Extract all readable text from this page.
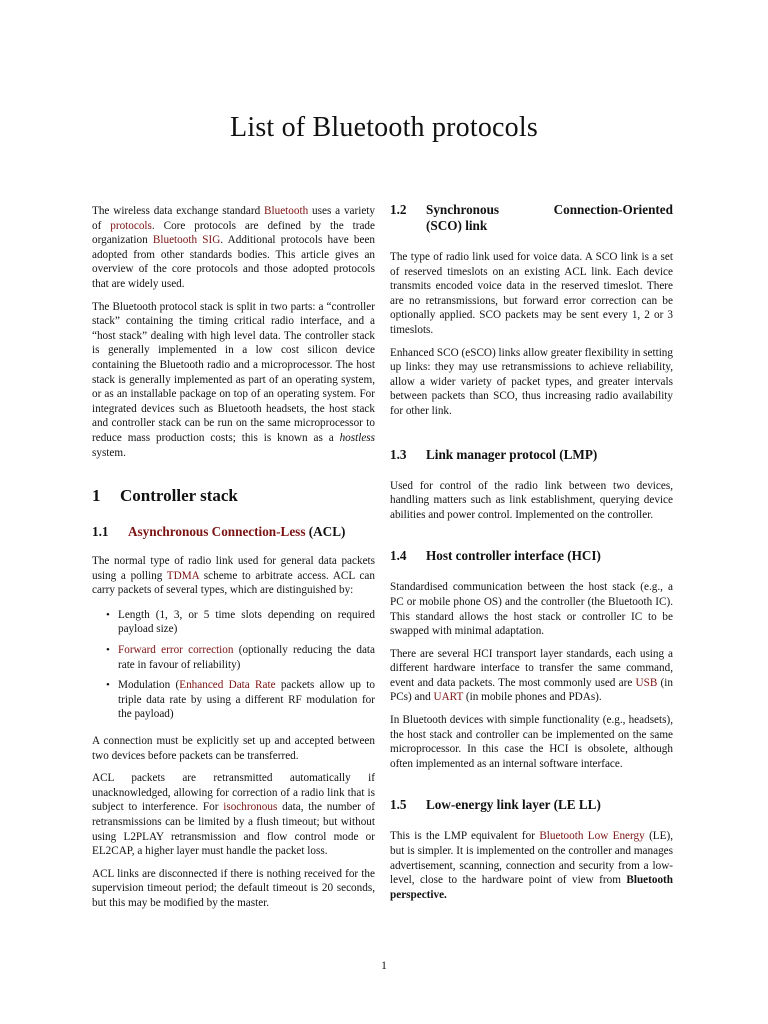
List of Bluetooth protocols

The wireless data exchange standard Bluetooth uses a variety of protocols. Core protocols are defined by the trade organization Bluetooth SIG. Additional protocols have been adopted from other standards bodies. This article gives an overview of the core protocols and those adopted protocols that are widely used.

The Bluetooth protocol stack is split in two parts: a “controller stack” containing the timing critical radio interface, and a “host stack” dealing with high level data. The controller stack is generally implemented in a low cost silicon device containing the Bluetooth radio and a microprocessor. The host stack is generally implemented as part of an operating system, or as an installable package on top of an operating system. For integrated devices such as Bluetooth headsets, the host stack and controller stack can be run on the same microprocessor to reduce mass production costs; this is known as a hostless system.

1 Controller stack
1.1 Asynchronous Connection-Less (ACL)

The normal type of radio link used for general data packets using a polling TDMA scheme to arbitrate access. ACL can carry packets of several types, which are distinguished by:

• Length (1, 3, or 5 time slots depending on required payload size)
• Forward error correction (optionally reducing the data rate in favour of reliability)
• Modulation (Enhanced Data Rate packets allow up to triple data rate by using a different RF modulation for the payload)

A connection must be explicitly set up and accepted between two devices before packets can be transferred.

ACL packets are retransmitted automatically if unacknowledged, allowing for correction of a radio link that is subject to interference. For isochronous data, the number of retransmissions can be limited by a flush timeout; but without using L2PLAY retransmission and flow control mode or EL2CAP, a higher layer must handle the packet loss.

ACL links are disconnected if there is nothing received for the supervision timeout period; the default timeout is 20 seconds, but this may be modified by the master.

1.2 Synchronous	Connection-Oriented
(SCO) link

The type of radio link used for voice data. A SCO link is a set of reserved timeslots on an existing ACL link. Each device transmits encoded voice data in the reserved timeslot. There are no retransmissions, but forward error correction can be optionally applied. SCO packets may be sent every 1, 2 or 3 timeslots.

Enhanced SCO (eSCO) links allow greater flexibility in setting up links: they may use retransmissions to achieve reliability, allow a wider variety of packet types, and greater intervals between packets than SCO, thus increasing radio availability for other link.

1.3 Link manager protocol (LMP)

Used for control of the radio link between two devices, handling matters such as link establishment, querying device abilities and power control. Implemented on the controller.

1.4 Host controller interface (HCI)

Standardised communication between the host stack (e.g., a PC or mobile phone OS) and the controller (the Bluetooth IC). This standard allows the host stack or controller IC to be swapped with minimal adaptation.

There are several HCI transport layer standards, each using a different hardware interface to transfer the same command, event and data packets. The most commonly used are USB (in PCs) and UART (in mobile phones and PDAs).

In Bluetooth devices with simple functionality (e.g., headsets), the host stack and controller can be implemented on the same microprocessor. In this case the HCI is obsolete, although often implemented as an internal software interface.

1.5 Low-energy link layer (LE LL)

This is the LMP equivalent for Bluetooth Low Energy (LE), but is simpler. It is implemented on the controller and manages advertisement, scanning, connection and security from a low-level, close to the hardware point of view from Bluetooth perspective.

1
